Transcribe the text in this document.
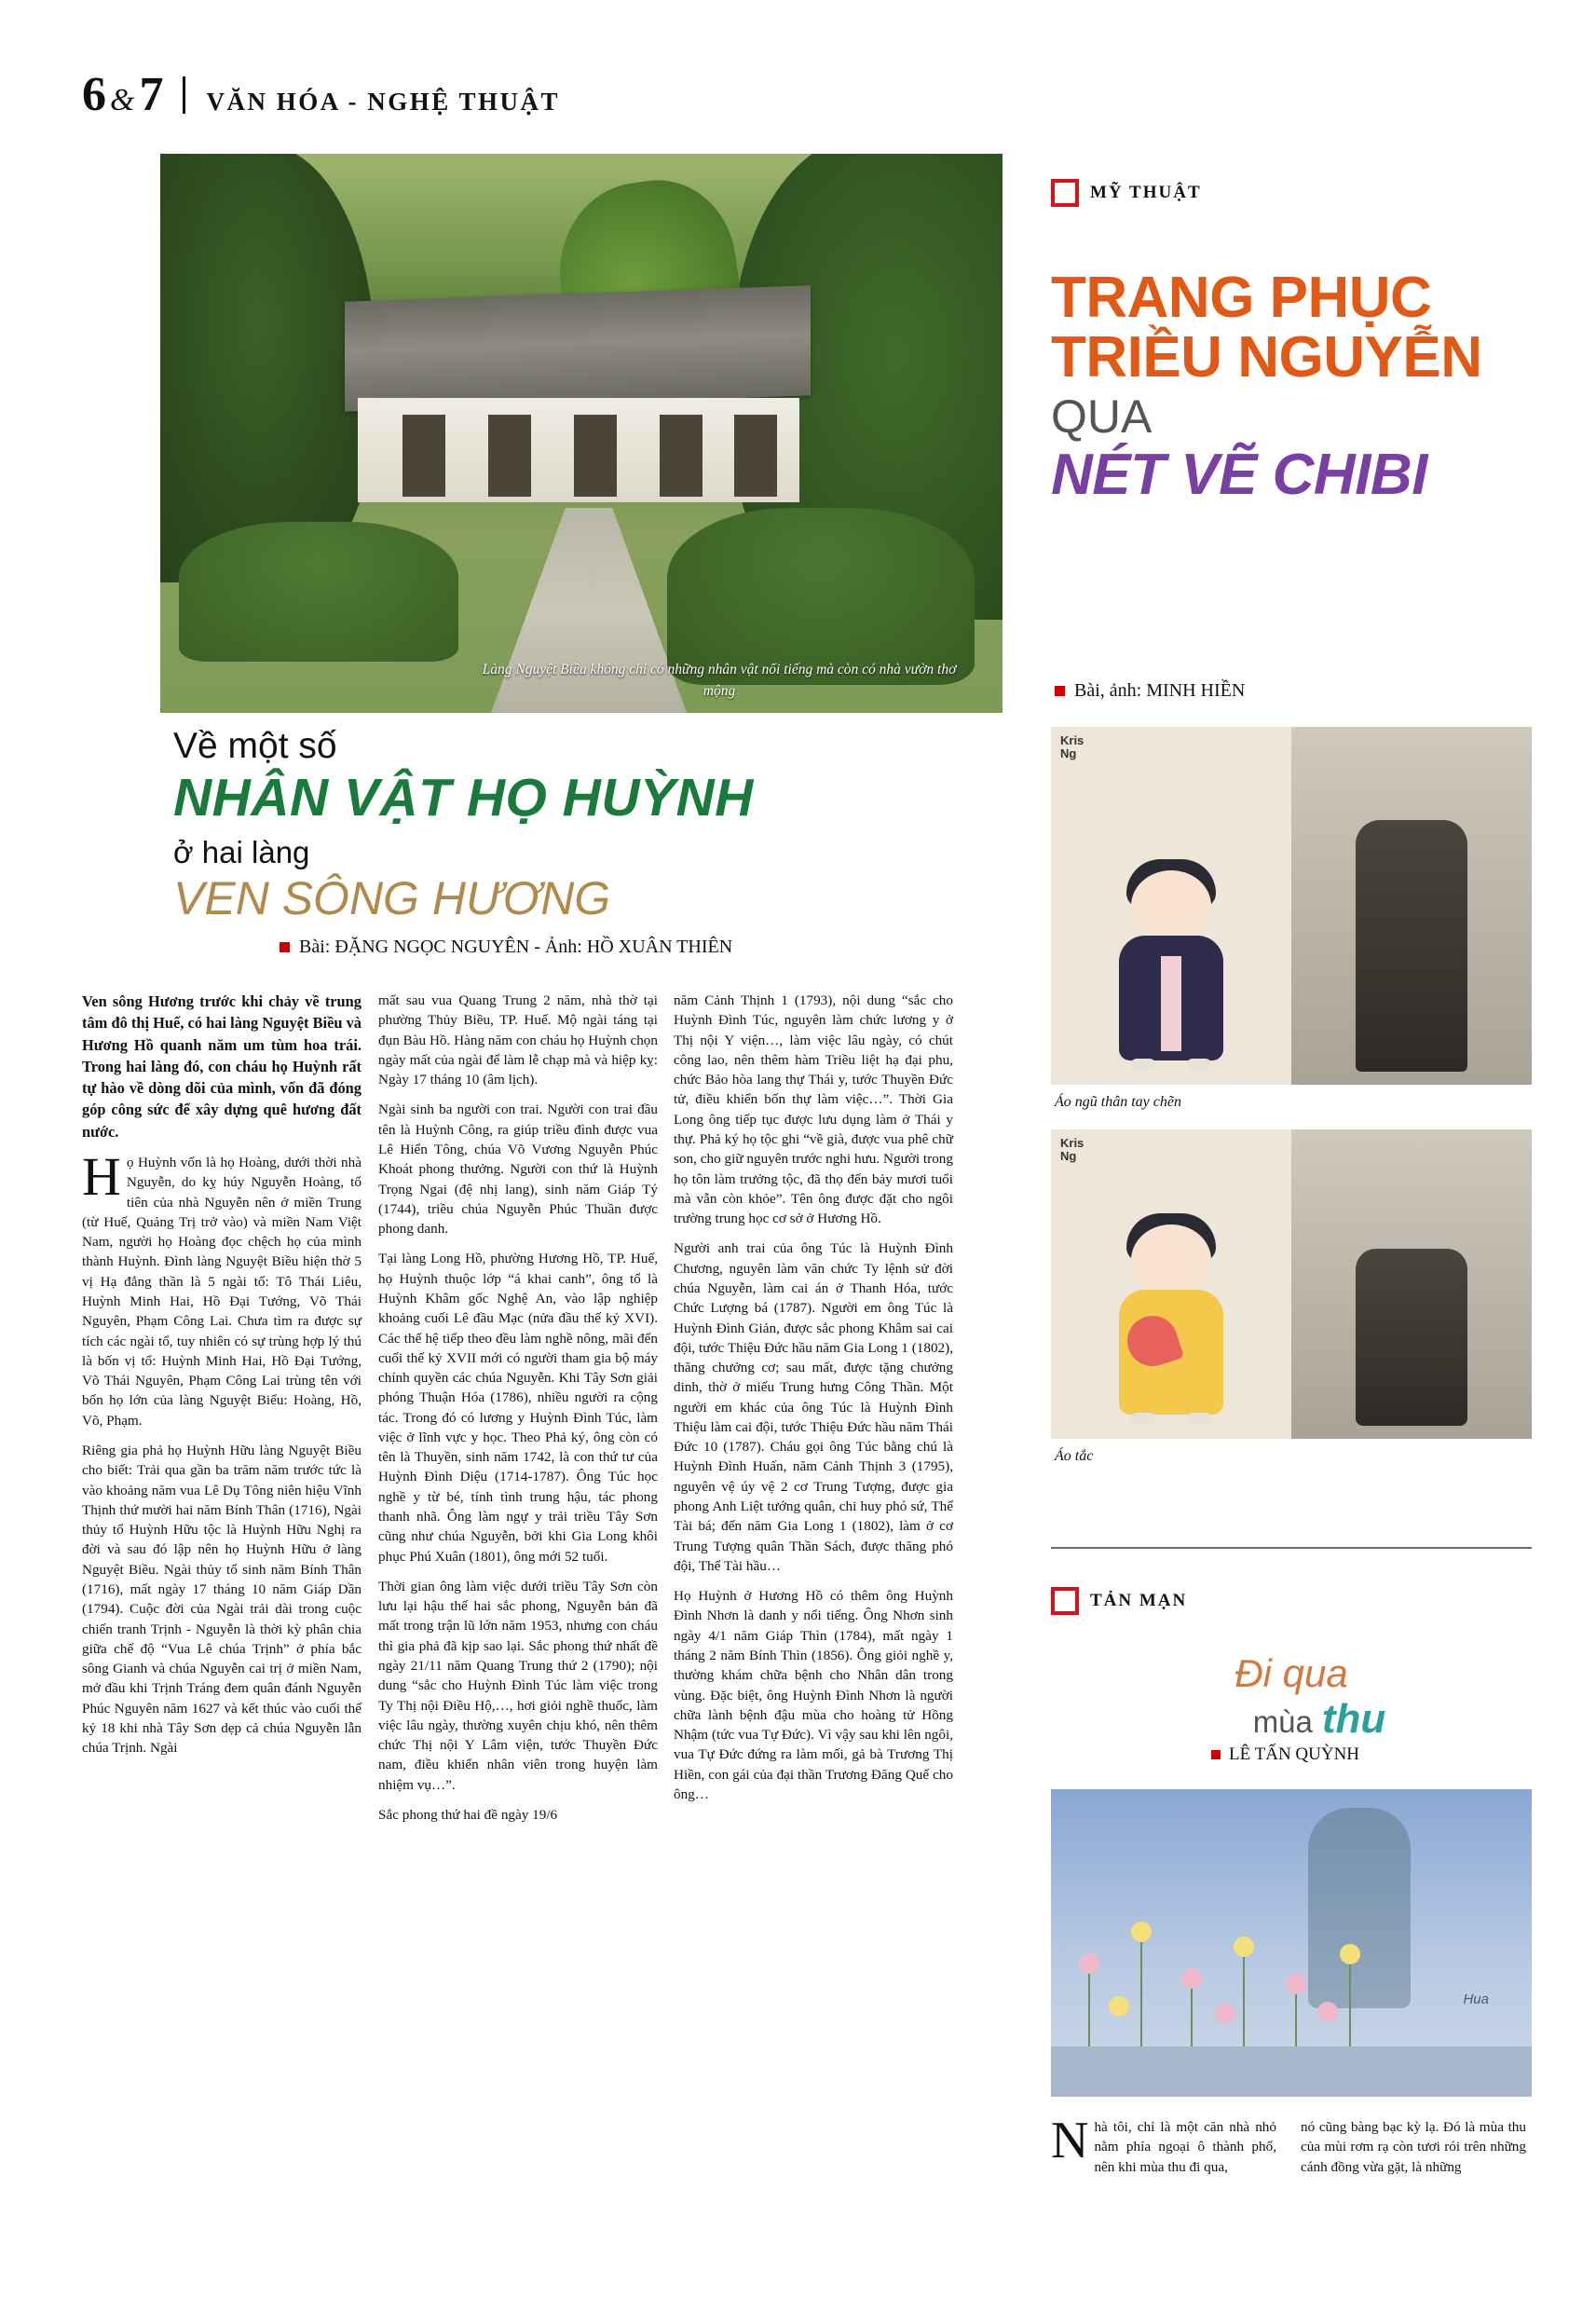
6 & 7 VĂN HÓA - NGHỆ THUẬT
Làng Nguyệt Biều không chỉ có những nhân vật nổi tiếng mà còn có nhà vườn thơ mộng
Về một số
NHÂN VẬT HỌ HUỲNH
ở hai làng
VEN SÔNG HƯƠNG
Bài: ĐẶNG NGỌC NGUYÊN - Ảnh: HỒ XUÂN THIÊN

Ven sông Hương trước khi chảy về trung tâm đô thị Huế, có hai làng Nguyệt Biều và Hương Hồ quanh năm um tùm hoa trái. Trong hai làng đó, con cháu họ Huỳnh rất tự hào về dòng dõi của mình, vốn đã đóng góp công sức để xây dựng quê hương đất nước.

Họ Huỳnh vốn là họ Hoàng, dưới thời nhà Nguyễn, do kỵ húy Nguyễn Hoàng, tổ tiên của nhà Nguyễn nên ở miền Trung (từ Huế, Quảng Trị trở vào) và miền Nam Việt Nam, người họ Hoàng đọc chệch họ của mình thành Huỳnh. Đình làng Nguyệt Biều hiện thờ 5 vị Hạ đẳng thần là 5 ngài tổ: Tô Thái Liêu, Huỳnh Minh Hai, Hồ Đại Tướng, Võ Thái Nguyên, Phạm Công Lai. Chưa tìm ra được sự tích các ngài tổ, tuy nhiên có sự trùng hợp lý thú là bốn vị tổ: Huỳnh Minh Hai, Hồ Đại Tướng, Võ Thái Nguyên, Phạm Công Lai trùng tên với bốn họ lớn của làng Nguyệt Biểu: Hoàng, Hồ, Võ, Phạm.

Riêng gia phả họ Huỳnh Hữu làng Nguyệt Biều cho biết: Trải qua gần ba trăm năm trước tức là vào khoảng năm vua Lê Dụ Tông niên hiệu Vĩnh Thịnh thứ mười hai năm Bính Thân (1716), Ngài thủy tổ Huỳnh Hữu tộc là Huỳnh Hữu Nghị ra đời và sau đó lập nên họ Huỳnh Hữu ở làng Nguyệt Biều. Ngài thủy tổ sinh năm Bính Thân (1716), mất ngày 17 tháng 10 năm Giáp Dần (1794). Cuộc đời của Ngài trải dài trong cuộc chiến tranh Trịnh - Nguyễn là thời kỳ phân chia giữa chế độ “Vua Lê chúa Trịnh” ở phía bắc sông Gianh và chúa Nguyễn cai trị ở miền Nam, mở đầu khi Trịnh Tráng đem quân đánh Nguyễn Phúc Nguyên năm 1627 và kết thúc vào cuối thế kỷ 18 khi nhà Tây Sơn dẹp cả chúa Nguyễn lẫn chúa Trịnh. Ngài

mất sau vua Quang Trung 2 năm, nhà thờ tại phường Thủy Biều, TP. Huế. Mộ ngài táng tại đụn Bàu Hồ. Hàng năm con cháu họ Huỳnh chọn ngày mất của ngài để làm lễ chạp mà và hiệp kỵ: Ngày 17 tháng 10 (âm lịch).

Ngài sinh ba người con trai. Người con trai đầu tên là Huỳnh Công, ra giúp triều đình được vua Lê Hiển Tông, chúa Võ Vương Nguyễn Phúc Khoát phong thưởng. Người con thứ là Huỳnh Trọng Ngai (đệ nhị lang), sinh năm Giáp Tý (1744), triều chúa Nguyễn Phúc Thuần được phong danh.

Tại làng Long Hồ, phường Hương Hồ, TP. Huế, họ Huỳnh thuộc lớp “á khai canh”, ông tổ là Huỳnh Khâm gốc Nghệ An, vào lập nghiệp khoảng cuối Lê đầu Mạc (nửa đầu thế kỷ XVI). Các thế hệ tiếp theo đều làm nghề nông, mãi đến cuối thế kỷ XVII mới có người tham gia bộ máy chính quyền các chúa Nguyễn. Khi Tây Sơn giải phóng Thuận Hóa (1786), nhiều người ra cộng tác. Trong đó có lương y Huỳnh Đình Túc, làm việc ở lĩnh vực y học. Theo Phả ký, ông còn có tên là Thuyền, sinh năm 1742, là con thứ tư của Huỳnh Đình Diệu (1714-1787). Ông Túc học nghề y từ bé, tính tình trung hậu, tác phong thanh nhã. Ông làm ngự y trải triều Tây Sơn cũng như chúa Nguyễn, bởi khi Gia Long khôi phục Phú Xuân (1801), ông mới 52 tuổi.

Thời gian ông làm việc dưới triều Tây Sơn còn lưu lại hậu thế hai sắc phong, Nguyễn bản đã mất trong trận lũ lớn năm 1953, nhưng con cháu thì gia phả đã kịp sao lại. Sắc phong thứ nhất đề ngày 21/11 năm Quang Trung thứ 2 (1790); nội dung “sắc cho Huỳnh Đình Túc làm việc trong Ty Thị nội Điều Hộ,…, hơi giỏi nghề thuốc, làm việc lâu ngày, thường xuyên chịu khó, nên thêm chức Thị nội Y Lâm viện, tước Thuyền Đức nam, điều khiển nhân viên trong huyện làm nhiệm vụ…”.

Sắc phong thứ hai đề ngày 19/6

năm Cảnh Thịnh 1 (1793), nội dung “sắc cho Huỳnh Đình Túc, nguyên làm chức lương y ở Thị nội Y viện…, làm việc lâu ngày, có chút công lao, nên thêm hàm Triều liệt hạ đại phu, chức Bảo hòa lang thự Thái y, tước Thuyền Đức tử, điều khiển bốn thự làm việc…”. Thời Gia Long ông tiếp tục được lưu dụng làm ở Thái y thự. Phả ký họ tộc ghi “về già, được vua phê chữ son, cho giữ nguyên trước nghi hưu. Người trong họ tôn làm trưởng tộc, đã thọ đến bảy mươi tuổi mà vẫn còn khỏe”. Tên ông được đặt cho ngôi trường trung học cơ sở ở Hương Hồ.

Người anh trai của ông Túc là Huỳnh Đình Chương, nguyên làm văn chức Ty lệnh sử đời chúa Nguyễn, làm cai án ở Thanh Hóa, tước Chức Lượng bá (1787). Người em ông Túc là Huỳnh Đình Giản, được sắc phong Khâm sai cai đội, tước Thiệu Đức hầu năm Gia Long 1 (1802), thăng chưởng cơ; sau mất, được tặng chưởng dinh, thờ ở miếu Trung hưng Công Thần. Một người em khác của ông Túc là Huỳnh Đình Thiệu làm cai đội, tước Thiệu Đức hầu năm Thái Đức 10 (1787). Cháu gọi ông Túc bằng chú là Huỳnh Đình Huấn, năm Cảnh Thịnh 3 (1795), nguyên vệ úy vệ 2 cơ Trung Tượng, được gia phong Anh Liệt tướng quân, chi huy phó sứ, Thể Tài bá; đến năm Gia Long 1 (1802), làm ở cơ Trung Tượng quân Thần Sách, được thăng phó đội, Thể Tài hầu…

Họ Huỳnh ở Hương Hồ có thêm ông Huỳnh Đình Nhơn là danh y nổi tiếng. Ông Nhơn sinh ngày 4/1 năm Giáp Thìn (1784), mất ngày 1 tháng 2 năm Bính Thìn (1856). Ông giỏi nghề y, thường khám chữa bệnh cho Nhân dân trong vùng. Đặc biệt, ông Huỳnh Đình Nhơn là người chữa lành bệnh đậu mùa cho hoàng tử Hồng Nhậm (tức vua Tự Đức). Vì vậy sau khi lên ngôi, vua Tự Đức đứng ra làm mối, gả bà Trương Thị Hiền, con gái của đại thần Trương Đăng Quế cho ông…

MỸ THUẬT
TRANG PHỤC
TRIỀU NGUYỄN
QUA
NÉT VẼ CHIBI
Bài, ảnh: MINH HIỀN
Kris
Ng
Áo ngũ thân tay chẽn
Kris
Ng
Áo tắc
TẢN MẠN
Đi qua
mùa thu
LÊ TẤN QUỲNH
Hua

Nhà tôi, chỉ là một căn nhà nhỏ nằm phía ngoại ô thành phố, nên khi mùa thu đi qua,

nó cũng bàng bạc kỳ lạ. Đó là mùa thu của mùi rơm rạ còn tươi rói trên những cánh đồng vừa gặt, là những
